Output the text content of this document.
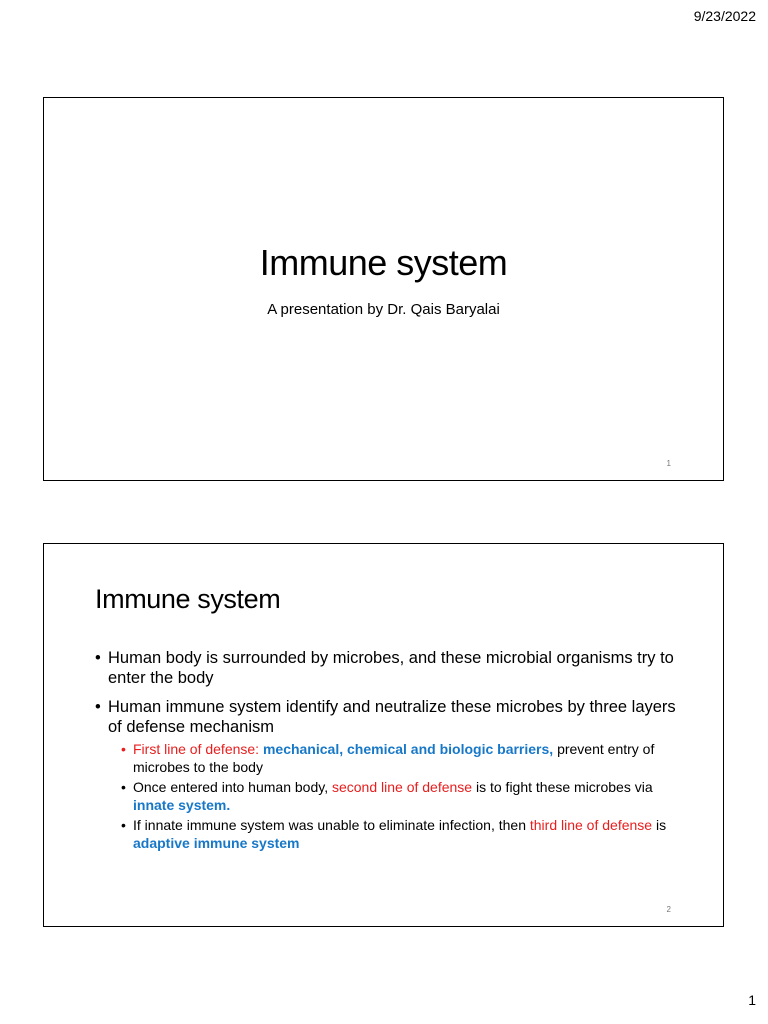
9/23/2022
Immune system
A presentation by Dr. Qais Baryalai
1
Immune system
• Human body is surrounded by microbes, and these microbial organisms try to enter the body
• Human immune system identify and neutralize these microbes by three layers of defense mechanism
• First line of defense: mechanical, chemical and biologic barriers, prevent entry of microbes to the body
• Once entered into human body, second line of defense is to fight these microbes via innate system.
• If innate immune system was unable to eliminate infection, then third line of defense is adaptive immune system
2
1
